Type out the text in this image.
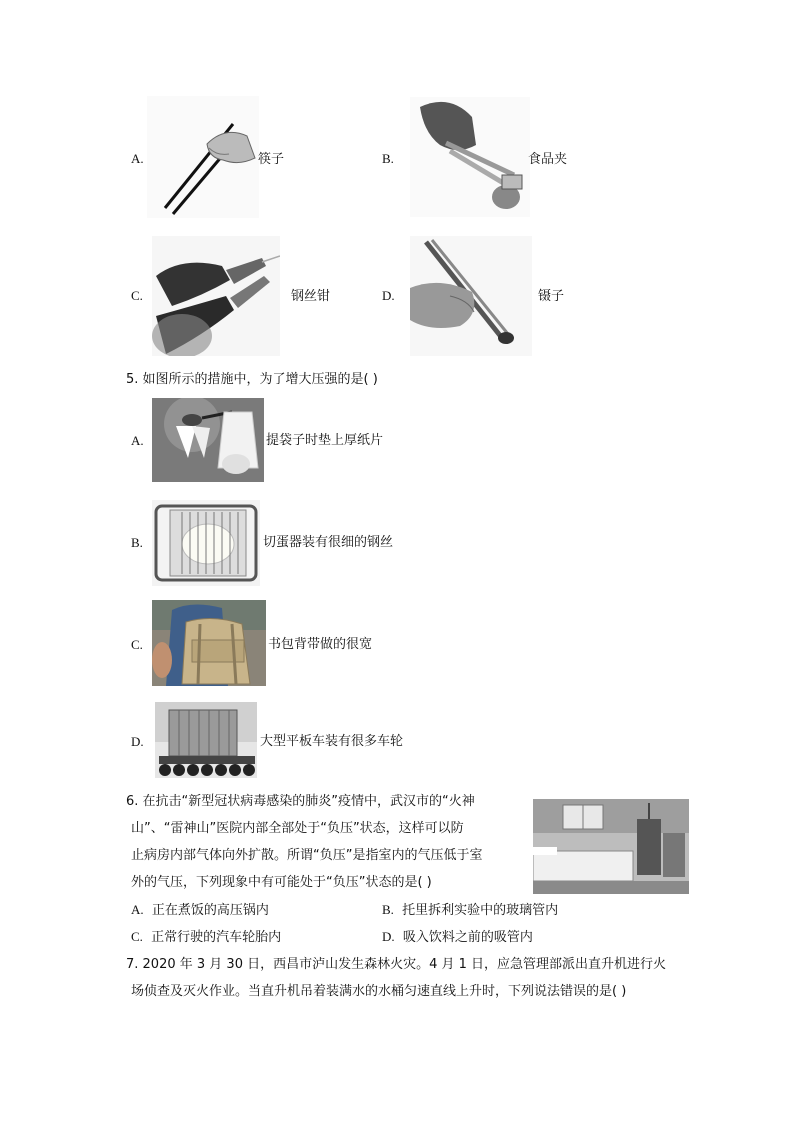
A.	筷子	B.	食品夹
C.	钢丝钳	D.	镊子
5. 如图所示的措施中，为了增大压强的是( )
A.	提袋子时垫上厚纸片
B.	切蛋器装有很细的钢丝
C.	书包背带做的很宽
D.	大型平板车装有很多车轮
6. 在抗击“新型冠状病毒感染的肺炎”疫情中，武汉市的“火神
山”、“雷神山”医院内部全部处于“负压”状态，这样可以防
止病房内部气体向外扩散。所谓“负压”是指室内的气压低于室
外的气压，下列现象中有可能处于“负压”状态的是( )
A. 正在煮饭的高压锅内	B. 托里拆利实验中的玻璃管内
C. 正常行驶的汽车轮胎内	D. 吸入饮料之前的吸管内
7. 2020 年 3 月 30 日，西昌市泸山发生森林火灾。4 月 1 日，应急管理部派出直升机进行火
场侦查及灭火作业。当直升机吊着装满水的水桶匀速直线上升时，下列说法错误的是( )
